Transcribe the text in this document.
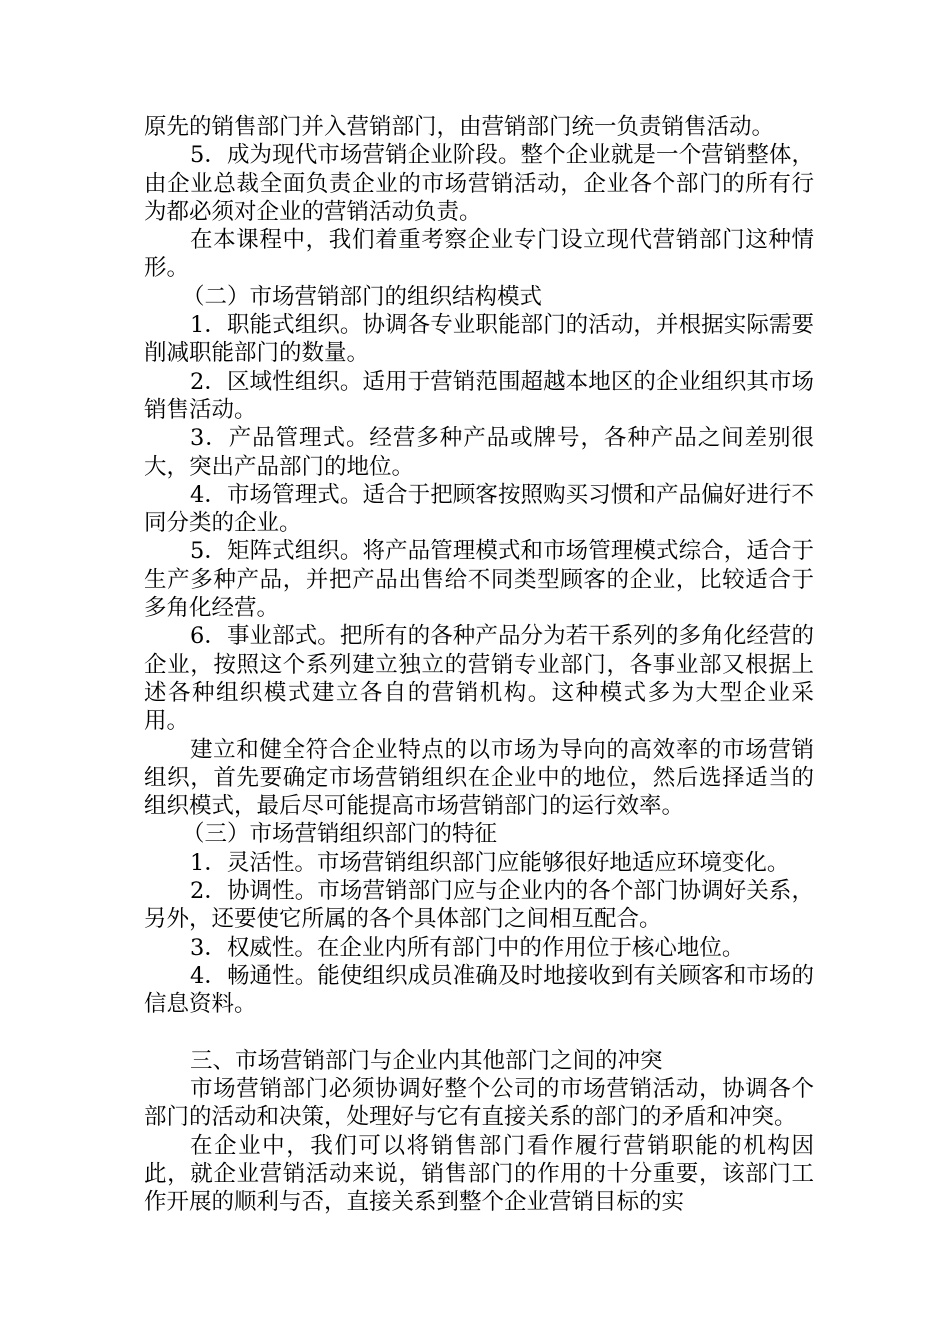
原先的销售部门并入营销部门，由营销部门统一负责销售活动。

5．成为现代市场营销企业阶段。整个企业就是一个营销整体，由企业总裁全面负责企业的市场营销活动，企业各个部门的所有行为都必须对企业的营销活动负责。

在本课程中，我们着重考察企业专门设立现代营销部门这种情形。

（二）市场营销部门的组织结构模式

1．职能式组织。协调各专业职能部门的活动，并根据实际需要削减职能部门的数量。

2．区域性组织。适用于营销范围超越本地区的企业组织其市场销售活动。

3．产品管理式。经营多种产品或牌号，各种产品之间差别很大，突出产品部门的地位。

4．市场管理式。适合于把顾客按照购买习惯和产品偏好进行不同分类的企业。

5．矩阵式组织。将产品管理模式和市场管理模式综合，适合于生产多种产品，并把产品出售给不同类型顾客的企业，比较适合于多角化经营。

6．事业部式。把所有的各种产品分为若干系列的多角化经营的企业，按照这个系列建立独立的营销专业部门，各事业部又根据上述各种组织模式建立各自的营销机构。这种模式多为大型企业采用。

建立和健全符合企业特点的以市场为导向的高效率的市场营销组织，首先要确定市场营销组织在企业中的地位，然后选择适当的组织模式，最后尽可能提高市场营销部门的运行效率。

（三）市场营销组织部门的特征

1．灵活性。市场营销组织部门应能够很好地适应环境变化。

2．协调性。市场营销部门应与企业内的各个部门协调好关系，另外，还要使它所属的各个具体部门之间相互配合。

3．权威性。在企业内所有部门中的作用位于核心地位。

4．畅通性。能使组织成员准确及时地接收到有关顾客和市场的信息资料。

三、市场营销部门与企业内其他部门之间的冲突

市场营销部门必须协调好整个公司的市场营销活动，协调各个部门的活动和决策，处理好与它有直接关系的部门的矛盾和冲突。

在企业中，我们可以将销售部门看作履行营销职能的机构因此，就企业营销活动来说，销售部门的作用的十分重要，该部门工作开展的顺利与否，直接关系到整个企业营销目标的实
